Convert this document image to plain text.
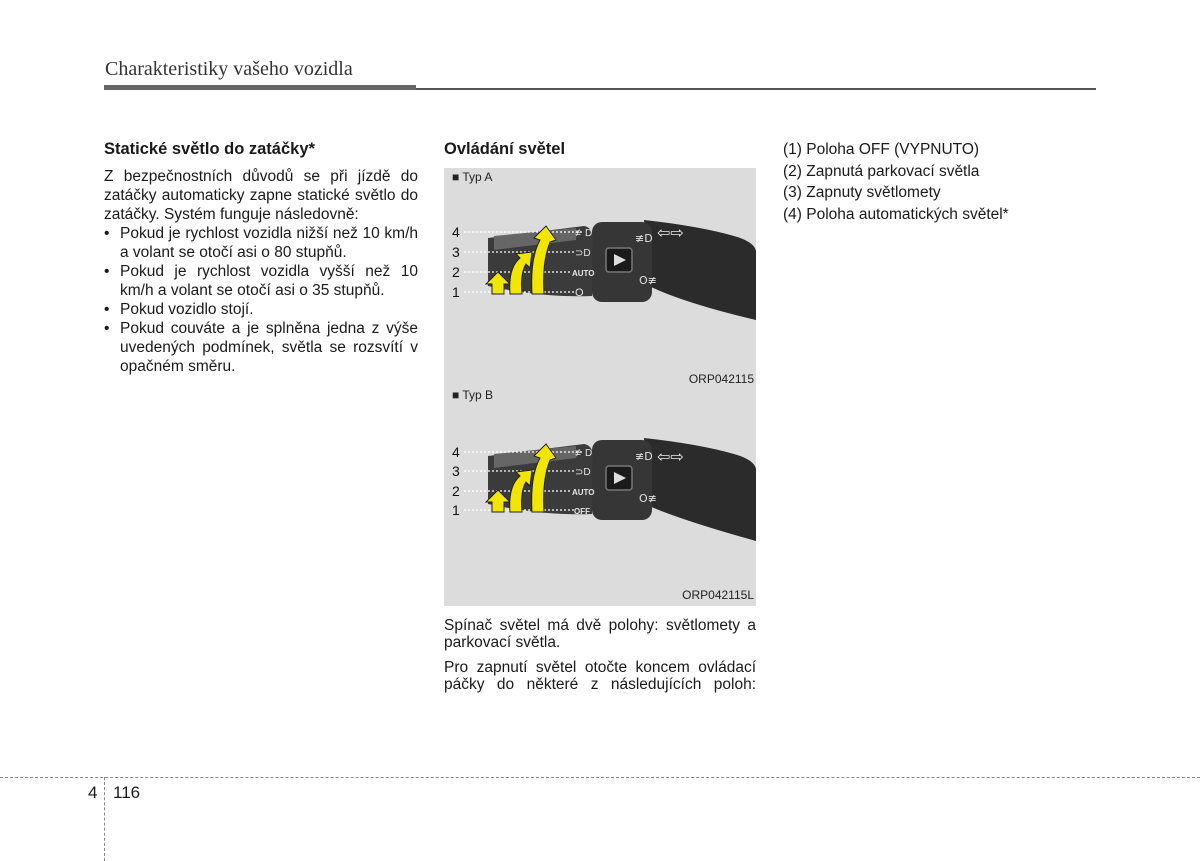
Charakteristiky vašeho vozidla
Statické světlo do zatáčky*
Z bezpečnostních důvodů se při jízdě do zatáčky automaticky zapne statické světlo do zatáčky. Systém funguje následovně:
• Pokud je rychlost vozidla nižší než 10 km/h a volant se otočí asi o 80 stupňů.
• Pokud je rychlost vozidla vyšší než 10 km/h a volant se otočí asi o 35 stupňů.
• Pokud vozidlo stojí.
• Pokud couváte a je splněna jedna z výše uvedených podmínek, světla se rozsvítí v opačném směru.
Ovládání světel
≢D
O≢
⇦⇨
4
3
2
1
≢D
⊃D
AUTO
O
■ Typ A
ORP042115
≢D
O≢
⇦⇨
4
3
2
1
≢D
⊃D
AUTO
OFF
■ Typ B
ORP042115L

Spínač světel má dvě polohy: světlomety a parkovací světla.

Pro zapnutí světel otočte koncem ovládací páčky do některé z následujících poloh:

(1) Poloha OFF (VYPNUTO)
(2) Zapnutá parkovací světla
(3) Zapnuty světlomety
(4) Poloha automatických světel*
4 116
